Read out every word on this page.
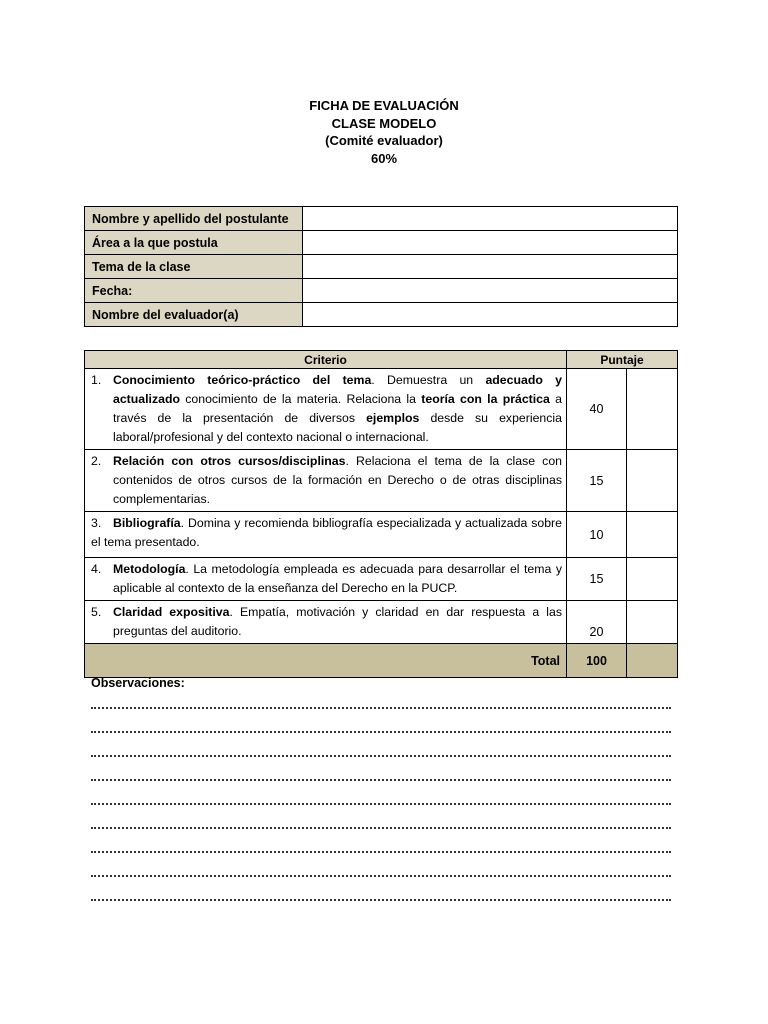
FICHA DE EVALUACIÓN
CLASE MODELO
(Comité evaluador)
60%
Nombre y apellido del postulante	
Área a la que postula	
Tema de la clase	
Fecha:	
Nombre del evaluador(a)	
Criterio	Puntaje	

1. Conocimiento teórico-práctico del tema. Demuestra un adecuado y actualizado conocimiento de la materia. Relaciona la teoría con la práctica a través de la presentación de diversos ejemplos desde su experiencia laboral/profesional y del contexto nacional o internacional.	40	

2. Relación con otros cursos/disciplinas. Relaciona el tema de la clase con contenidos de otros cursos de la formación en Derecho o de otras disciplinas complementarias.	15	

3. Bibliografía. Domina y recomienda bibliografía especializada y actualizada sobre el tema presentado.	10	

4. Metodología. La metodología empleada es adecuada para desarrollar el tema y aplicable al contexto de la enseñanza del Derecho en la PUCP.	15	

5. Claridad expositiva. Empatía, motivación y claridad en dar respuesta a las preguntas del auditorio.	20	
Total	100	
Observaciones:
